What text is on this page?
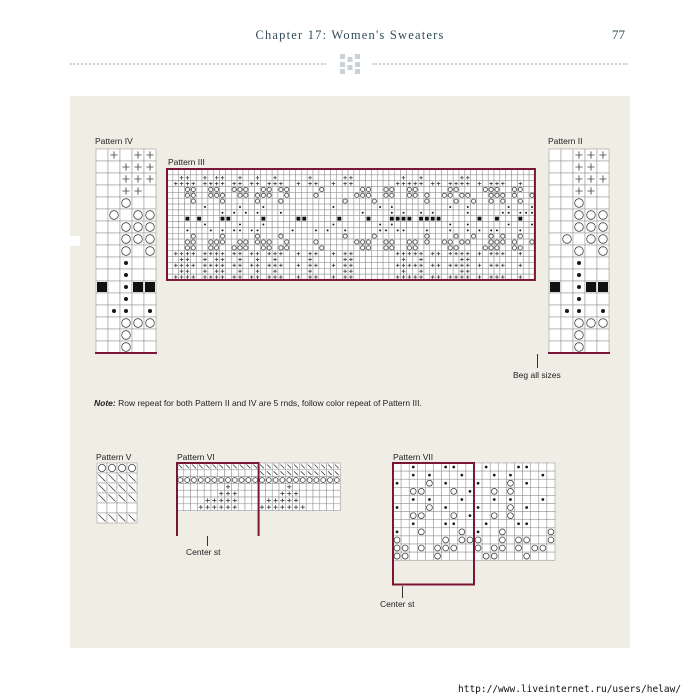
Chapter 17: Women's Sweaters	77
Pattern IV
Pattern III
Pattern II
Beg all sizes
Note: Row repeat for both Pattern II and IV are 5 rnds, follow color repeat of Pattern III.
Pattern V	Pattern VI
Center st
Pattern VII
Center st
http://www.liveinternet.ru/users/helaw/
